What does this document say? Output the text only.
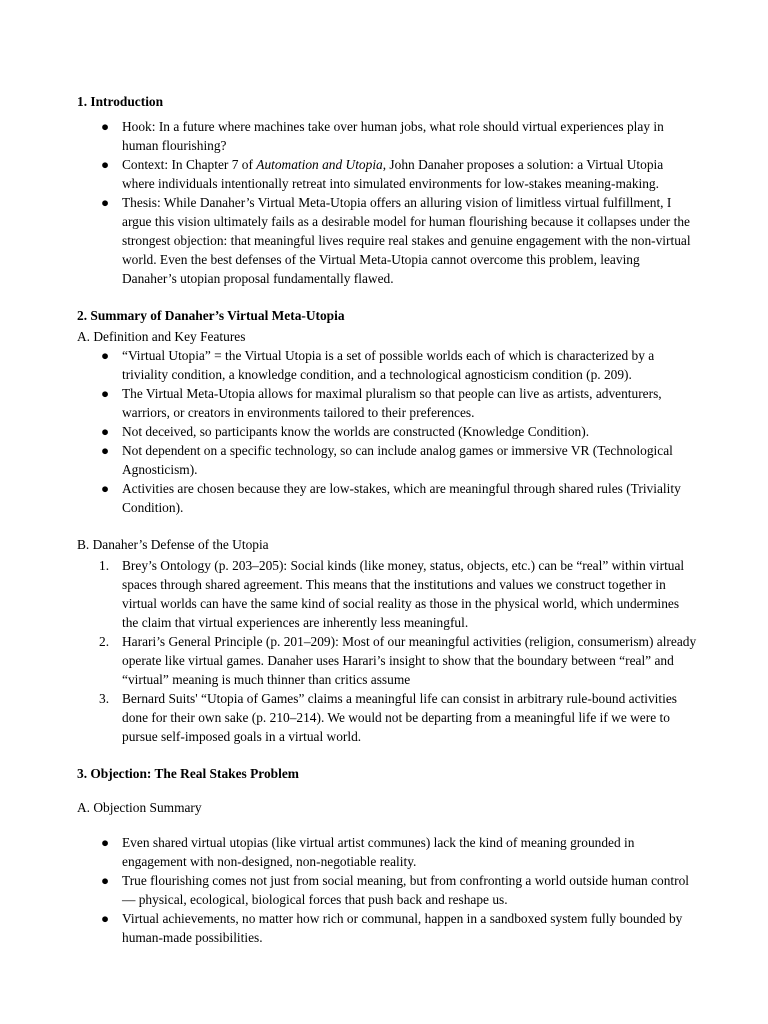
1. Introduction
● Hook: In a future where machines take over human jobs, what role should virtual experiences play in human flourishing?
● Context: In Chapter 7 of Automation and Utopia, John Danaher proposes a solution: a Virtual Utopia where individuals intentionally retreat into simulated environments for low-stakes meaning-making.
● Thesis: While Danaher’s Virtual Meta-Utopia offers an alluring vision of limitless virtual fulfillment, I argue this vision ultimately fails as a desirable model for human flourishing because it collapses under the strongest objection: that meaningful lives require real stakes and genuine engagement with the non-virtual world. Even the best defenses of the Virtual Meta-Utopia cannot overcome this problem, leaving Danaher’s utopian proposal fundamentally flawed.
2. Summary of Danaher’s Virtual Meta-Utopia
A. Definition and Key Features
● “Virtual Utopia” = the Virtual Utopia is a set of possible worlds each of which is characterized by a triviality condition, a knowledge condition, and a technological agnosticism condition (p. 209).
● The Virtual Meta-Utopia allows for maximal pluralism so that people can live as artists, adventurers, warriors, or creators in environments tailored to their preferences.
● Not deceived, so participants know the worlds are constructed (Knowledge Condition).
● Not dependent on a specific technology, so can include analog games or immersive VR (Technological Agnosticism).
● Activities are chosen because they are low-stakes, which are meaningful through shared rules (Triviality Condition).
B. Danaher’s Defense of the Utopia
1. Brey’s Ontology (p. 203–205): Social kinds (like money, status, objects, etc.) can be “real” within virtual spaces through shared agreement. This means that the institutions and values we construct together in virtual worlds can have the same kind of social reality as those in the physical world, which undermines the claim that virtual experiences are inherently less meaningful.
2. Harari’s General Principle (p. 201–209): Most of our meaningful activities (religion, consumerism) already operate like virtual games. Danaher uses Harari’s insight to show that the boundary between “real” and “virtual” meaning is much thinner than critics assume
3. Bernard Suits' “Utopia of Games” claims a meaningful life can consist in arbitrary rule-bound activities done for their own sake (p. 210–214). We would not be departing from a meaningful life if we were to pursue self-imposed goals in a virtual world.
3. Objection: The Real Stakes Problem
A. Objection Summary
● Even shared virtual utopias (like virtual artist communes) lack the kind of meaning grounded in engagement with non-designed, non-negotiable reality.
● True flourishing comes not just from social meaning, but from confronting a world outside human control — physical, ecological, biological forces that push back and reshape us.
● Virtual achievements, no matter how rich or communal, happen in a sandboxed system fully bounded by human-made possibilities.
